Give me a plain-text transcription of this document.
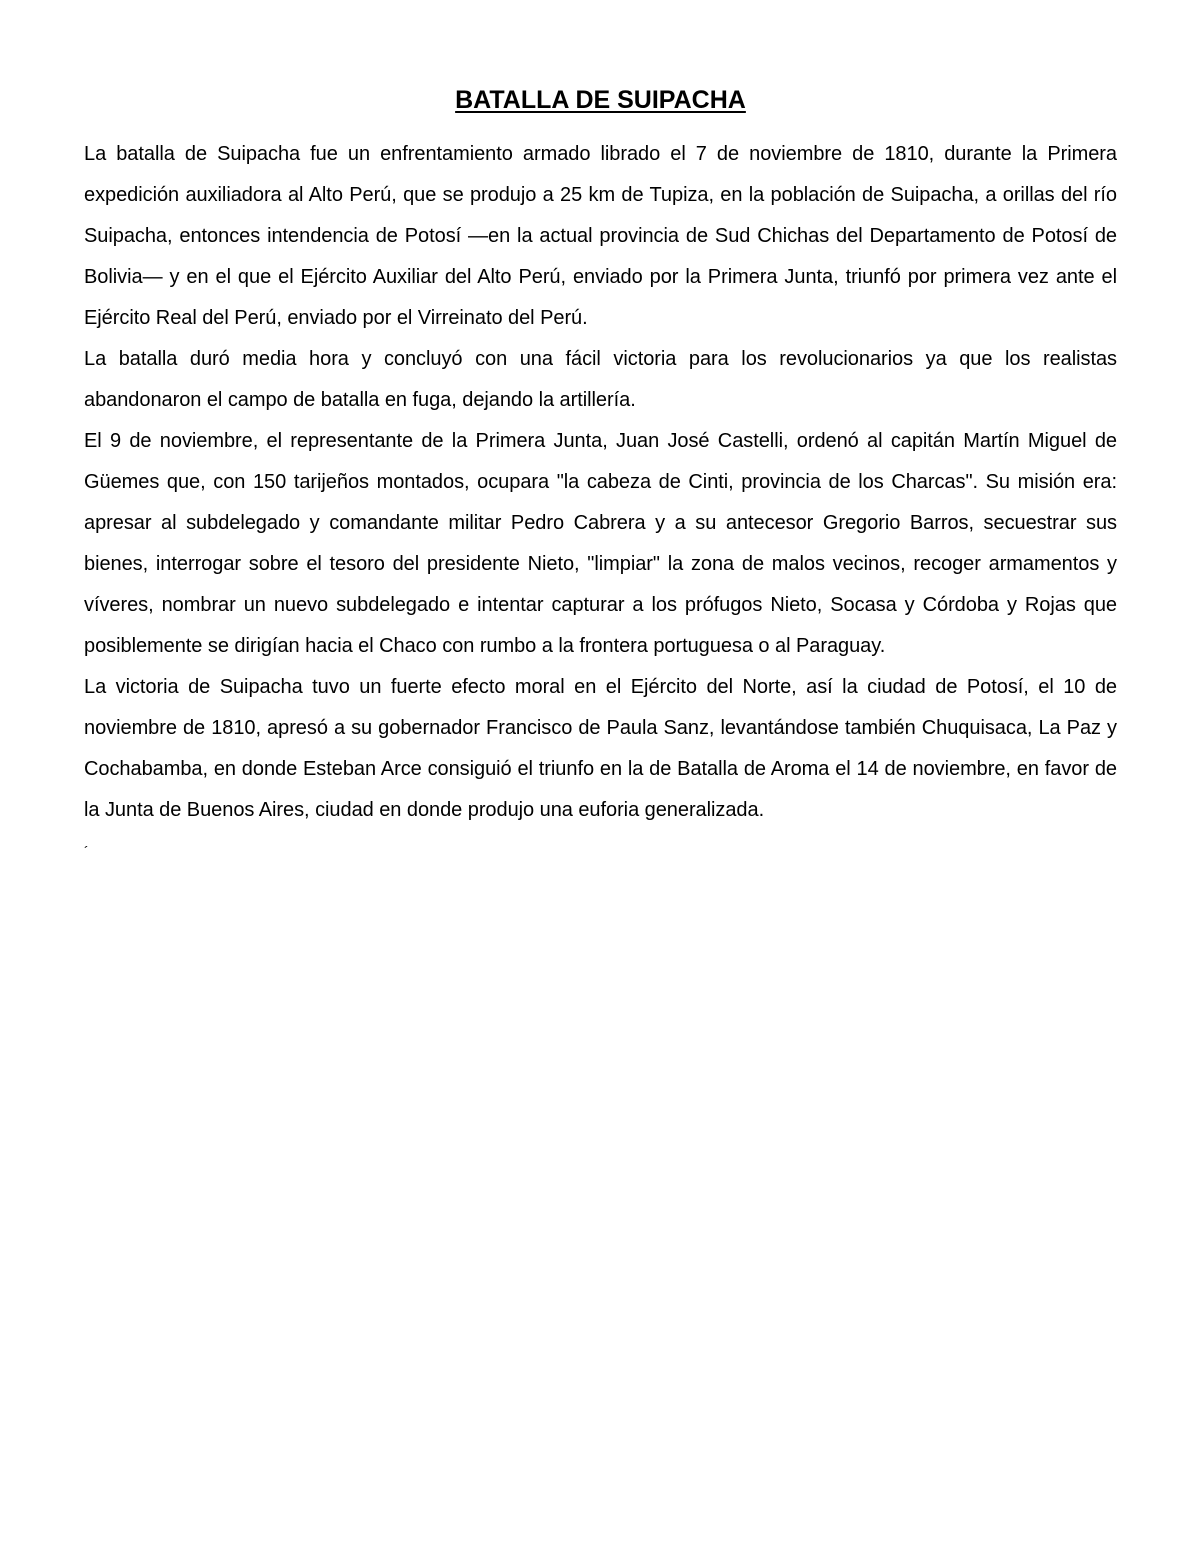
BATALLA DE SUIPACHA

La batalla de Suipacha fue un enfrentamiento armado librado el 7 de noviembre de 1810, durante la Primera expedición auxiliadora al Alto Perú, que se produjo a 25 km de Tupiza, en la población de Suipacha, a orillas del río Suipacha, entonces intendencia de Potosí —en la actual provincia de Sud Chichas del Departamento de Potosí de Bolivia— y en el que el Ejército Auxiliar del Alto Perú, enviado por la Primera Junta, triunfó por primera vez ante el Ejército Real del Perú, enviado por el Virreinato del Perú.

La batalla duró media hora y concluyó con una fácil victoria para los revolucionarios ya que los realistas abandonaron el campo de batalla en fuga, dejando la artillería.

El 9 de noviembre, el representante de la Primera Junta, Juan José Castelli, ordenó al capitán Martín Miguel de Güemes que, con 150 tarijeños montados, ocupara "la cabeza de Cinti, provincia de los Charcas". Su misión era: apresar al subdelegado y comandante militar Pedro Cabrera y a su antecesor Gregorio Barros, secuestrar sus bienes, interrogar sobre el tesoro del presidente Nieto, "limpiar" la zona de malos vecinos, recoger armamentos y víveres, nombrar un nuevo subdelegado e intentar capturar a los prófugos Nieto, Socasa y Córdoba y Rojas que posiblemente se dirigían hacia el Chaco con rumbo a la frontera portuguesa o al Paraguay.

La victoria de Suipacha tuvo un fuerte efecto moral en el Ejército del Norte, así la ciudad de Potosí, el 10 de noviembre de 1810, apresó a su gobernador Francisco de Paula Sanz, levantándose también Chuquisaca, La Paz y Cochabamba, en donde Esteban Arce consiguió el triunfo en la de Batalla de Aroma el 14 de noviembre, en favor de la Junta de Buenos Aires, ciudad en donde produjo una euforia generalizada.

´
